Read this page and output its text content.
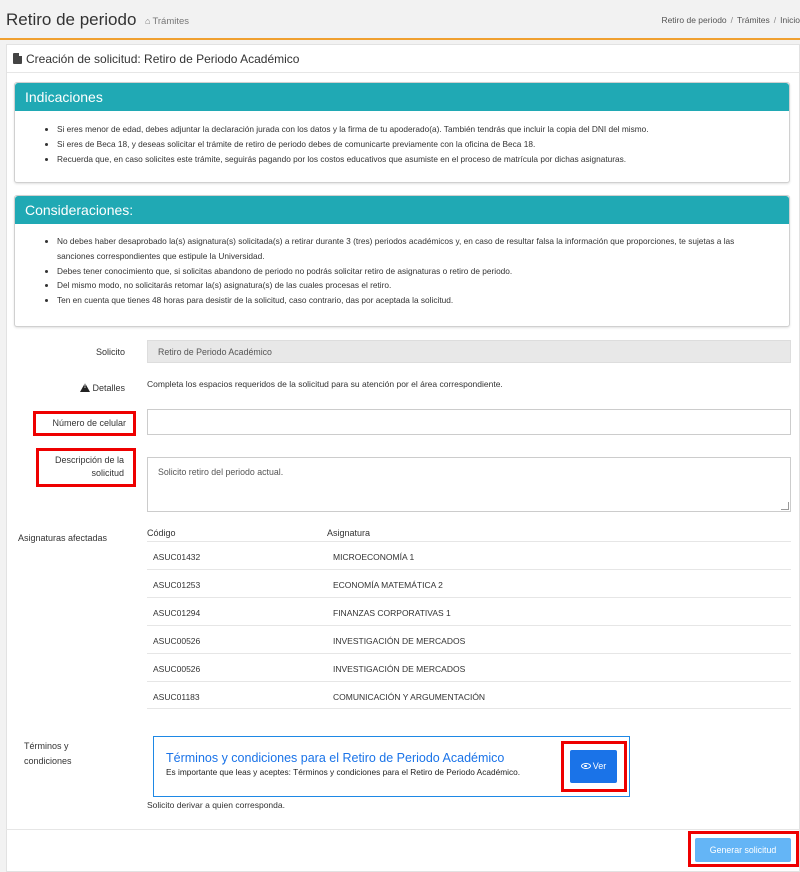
Retiro de periodo ⌂ Trámites	Retiro de periodo / Trámites / Inicio
Creación de solicitud: Retiro de Periodo Académico
Indicaciones
• Si eres menor de edad, debes adjuntar la declaración jurada con los datos y la firma de tu apoderado(a). También tendrás que incluir la copia del DNI del mismo.
• Si eres de Beca 18, y deseas solicitar el trámite de retiro de periodo debes de comunicarte previamente con la oficina de Beca 18.
• Recuerda que, en caso solicites este trámite, seguirás pagando por los costos educativos que asumiste en el proceso de matrícula por dichas asignaturas.
Consideraciones:
• No debes haber desaprobado la(s) asignatura(s) solicitada(s) a retirar durante 3 (tres) periodos académicos y, en caso de resultar falsa la información que proporciones, te sujetas a las sanciones correspondientes que estipule la Universidad.
• Debes tener conocimiento que, si solicitas abandono de periodo no podrás solicitar retiro de asignaturas o retiro de periodo.
• Del mismo modo, no solicitarás retomar la(s) asignatura(s) de las cuales procesas el retiro.
• Ten en cuenta que tienes 48 horas para desistir de la solicitud, caso contrario, das por aceptada la solicitud.
Solicito	Retiro de Periodo Académico
!Detalles	Completa los espacios requeridos de la solicitud para su atención por el área correspondiente.
Número de celular
Descripción de la
solicitud	Solicito retiro del periodo actual.
Asignaturas afectadas	Código	Asignatura
ASUC01432	MICROECONOMÍA 1
ASUC01253	ECONOMÍA MATEMÁTICA 2
ASUC01294	FINANZAS CORPORATIVAS 1
ASUC00526	INVESTIGACIÓN DE MERCADOS
ASUC00526	INVESTIGACIÓN DE MERCADOS
ASUC01183	COMUNICACIÓN Y ARGUMENTACIÓN
Términos y
condiciones	Términos y condiciones para el Retiro de Periodo Académico
Es importante que leas y aceptes: Términos y condiciones para el Retiro de Periodo Académico.
Ver
Solicito derivar a quien corresponda.
Generar solicitud
